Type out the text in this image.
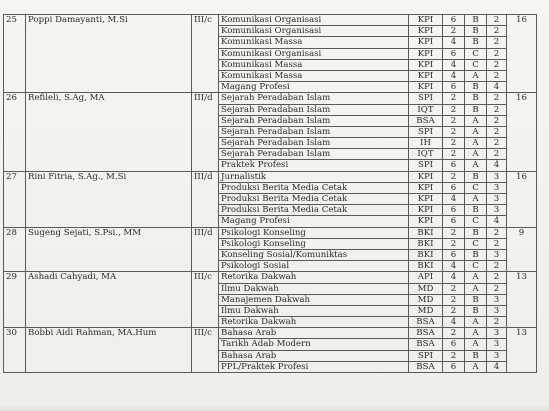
25	Poppi Damayanti, M.Si	III/c	Komunikasi Organisasi	KPI	6	B	2	16
			Komunikasi Organisasi	KPI	2	B	2	
			Komunikasi Massa	KPI	4	B	2	
			Komunikasi Organisasi	KPI	6	C	2	
			Komunikasi Massa	KPI	4	C	2	
			Komunikasi Massa	KPI	4	A	2	
			Magang Profesi	KPI	6	B	4	
26	Refileli, S.Ag, MA	III/d	Sejarah Peradaban Islam	SPI	2	B	2	16
			Sejarah Peradaban Islam	IQT	2	B	2	
			Sejarah Peradaban Islam	BSA	2	A	2	
			Sejarah Peradaban Islam	SPI	2	A	2	
			Sejarah Peradaban Islam	IH	2	A	2	
			Sejarah Peradaban Islam	IQT	2	A	2	
			Praktek Profesi	SPI	6	A	4	
27	Rini Fitria, S.Ag., M.Si	III/d	Jurnalistik	KPI	2	B	3	16
			Produksi Berita Media Cetak	KPI	6	C	3	
			Produksi Berita Media Cetak	KPI	4	A	3	
			Produksi Berita Media Cetak	KPI	6	B	3	
			Magang Profesi	KPI	6	C	4	
28	Sugeng Sejati, S.Psi., MM	III/d	Psikologi Konseling	BKI	2	B	2	9
			Psikologi Konseling	BKI	2	C	2	
			Konseling Sosial/Komuniktas	BKI	6	B	3	
			Psikologi Sosial	BKI	4	C	2	
29	Ashadi Cahyadi, MA	III/c	Retorika Dakwah	API	4	A	2	13
			Ilmu Dakwah	MD	2	A	2	
			Manajemen Dakwah	MD	2	B	3	
			Ilmu Dakwah	MD	2	B	3	
			Retorika Dakwah	BSA	4	A	2	
30	Bobbi Aidi Rahman, MA.Hum	III/c	Bahasa Arab	BSA	2	A	3	13
			Tarikh Adab Modern	BSA	6	A	3	
			Bahasa Arab	SPI	2	B	3	
			PPL/Praktek Profesi	BSA	6	A	4	
